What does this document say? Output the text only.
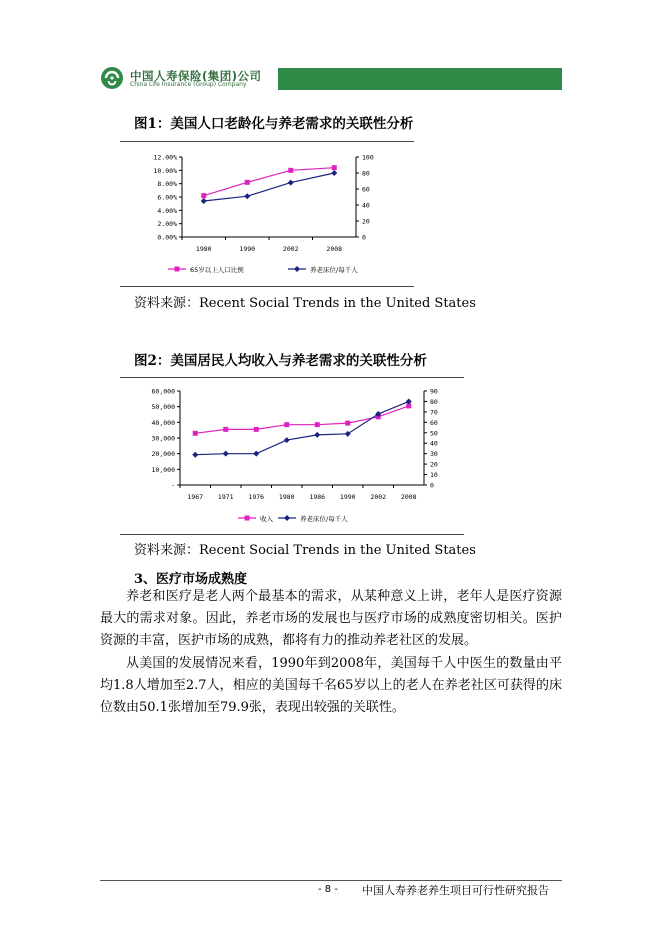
中国人寿保险(集团)公司
China Life Insurance (Group) Company
图1：美国人口老龄化与养老需求的关联性分析
12.00%
10.00%
8.00%
6.00%
4.00%
2.00%
0.00%
100
80
60
40
20
0
1980	1990	2002	2008
65岁以上人口比例	养老床位/每千人
资料来源：Recent Social Trends in the United States
图2：美国居民人均收入与养老需求的关联性分析
60,000
50,000
40,000
30,000
20,000
10,000
-
90
80
70
60
50
40
30
20
10
0
1967 1971 1976 1980 1986 1990 2002 2008
收入	养老床位/每千人
资料来源：Recent Social Trends in the United States
3、医疗市场成熟度

养老和医疗是老人两个最基本的需求，从某种意义上讲，老年人是医疗资源最大的需求对象。因此，养老市场的发展也与医疗市场的成熟度密切相关。医护资源的丰富，医护市场的成熟，都将有力的推动养老社区的发展。

从美国的发展情况来看，1990年到2008年，美国每千人中医生的数量由平均1.8人增加至2.7人，相应的美国每千名65岁以上的老人在养老社区可获得的床位数由50.1张增加至79.9张，表现出较强的关联性。

- 8 - 中国人寿养老养生项目可行性研究报告
